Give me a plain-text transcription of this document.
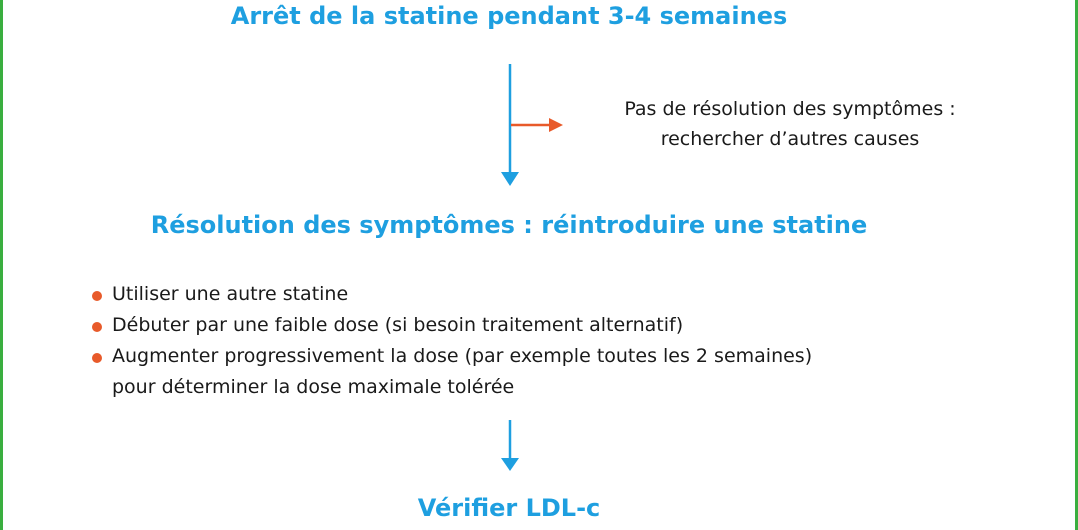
Arrêt de la statine pendant 3-4 semaines
Pas de résolution des symptômes :
rechercher d’autres causes
Résolution des symptômes : réintroduire une statine
Utiliser une autre statine
Débuter par une faible dose (si besoin traitement alternatif)
Augmenter progressivement la dose (par exemple toutes les 2 semaines)
pour déterminer la dose maximale tolérée
Vérifier LDL-c
